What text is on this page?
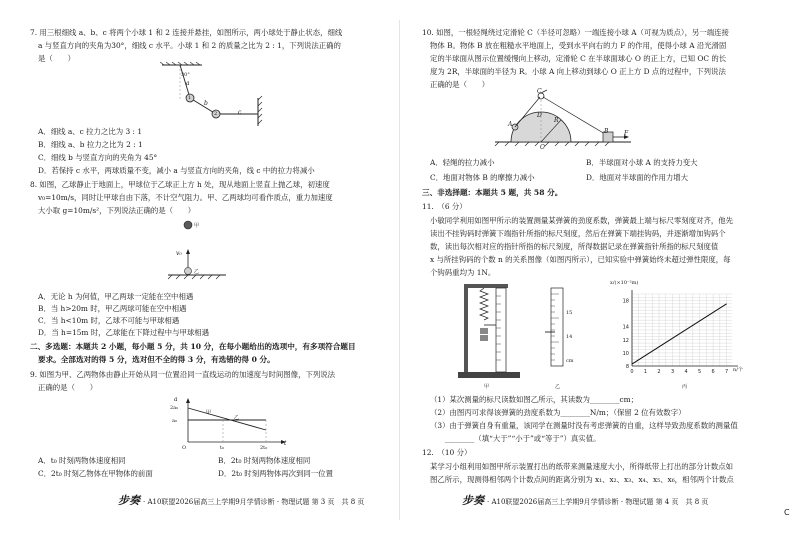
7. 用三根细线 a、b、c 将两个小球 1 和 2 连接并悬挂，如图所示，两小球处于静止状态，细线
a 与竖直方向的夹角为30°，细线 c 水平。小球 1 和 2 的质量之比为 2 : 1，下列说法正确的
是（　　）
a
b
c
1
2
30°
A．细线 a、c 拉力之比为 3 : 1
B．细线 a、b 拉力之比为 2 : 1
C．细线 b 与竖直方向的夹角为 45°
D．若保持 c 水平，两球质量不变，减小 a 与竖直方向的夹角，线 c 中的拉力将减小
8. 如图，乙球静止于地面上，甲球位于乙球正上方 h 处，现从地面上竖直上抛乙球，初速度
v₀=10m/s，同时让甲球自由下落，不计空气阻力。甲、乙两球均可看作质点，重力加速度
大小取 g=10m/s²，下列说法正确的是（　　）
甲
乙
v₀
A．无论 h 为何值，甲乙两球一定能在空中相遇
B．当 h>20m 时，甲乙两球可能在空中相遇
C．当 h<10m 时，乙球不可能与甲球相遇
D．当 h=15m 时，乙球能在下降过程中与甲球相遇
二、多选题：本题共 2 小题，每小题 5 分，共 10 分，在每小题给出的选项中，有多项符合题目
要求。全部选对的得 5 分，选对但不全的得 3 分，有选错的得 0 分。
9. 如图为甲、乙两物体由静止开始从同一位置沿同一直线运动的加速度与时间图像，下列说法
正确的是（　　）
2a₀
a₀
a
t
O	t₀	2t₀
甲
乙
A．t₀ 时刻两物体速度相同	B．2t₀ 时刻两物体速度相同
C．2t₀ 时刻乙物体在甲物体的前面	D．2t₀ 时刻两物体再次到同一位置
步奏 · A10联盟2026届高三上学期9月学情诊断 · 物理试题 第 3 页　共 8 页
10. 如图，一根轻绳绕过定滑轮 C（半径可忽略）一端连接小球 A（可视为质点），另一端连接
物体 B。物体 B 放在粗糙水平地面上，受到水平向右的力 F 的作用，使得小球 A 沿光滑固
定的半球面从图示位置缓慢向上移动，定滑轮 C 在半球面球心 O 的正上方，已知 OC 的长
度为 2R，半球面的半径为 R。小球 A 向上移动到球心 O 正上方 D 点的过程中，下列说法
正确的是（　　）
A
C
D
R
O
B	F
A．轻绳的拉力减小	B．半球面对小球 A 的支持力变大
C．地面对物体 B 的摩擦力减小	D．地面对半球面的作用力增大
三、非选择题：本题共 5 题，共 58 分。
11.　（6 分）
小敏同学利用如图甲所示的装置测量某弹簧的劲度系数，弹簧最上端与标尺零刻度对齐，他先
读出不挂钩码时弹簧下端指针所指的标尺刻度，然后在弹簧下端挂钩码，并逐渐增加钩码个
数，读出每次相对应的指针所指的标尺刻度，所得数据记录在弹簧指针所指的标尺刻度值
x 与所挂钩码的个数 n 的关系图像（如图丙所示），已知实验中弹簧始终未超过弹性限度，每
个钩码重均为 1N。
甲
15
14
cm
乙
18
14
12
10
8
0 1 2 3 4 5 6 7
x/(×10⁻²m)
n/个
丙
（1）某次测量的标尺读数如图乙所示，其读数为________cm；
（2）由图丙可求得该弹簧的劲度系数为________N/m；（保留 2 位有效数字）
（3）由于弹簧自身有重量，该同学在测量时没有考虑弹簧的自重，这样导致劲度系数的测量值
　　________（填“大于”“小于”或“等于”）真实值。
12.　（10 分）
某学习小组利用如图甲所示装置打出的纸带来测量速度大小，所得纸带上打出的部分计数点如
图乙所示，现测得相邻两个计数点间的距离分别为 x₁、x₂、x₃、x₄、x₅、x₆，相邻两个计数点
步奏 · A10联盟2026届高三上学期9月学情诊断 · 物理试题 第 4 页　共 8 页
C
